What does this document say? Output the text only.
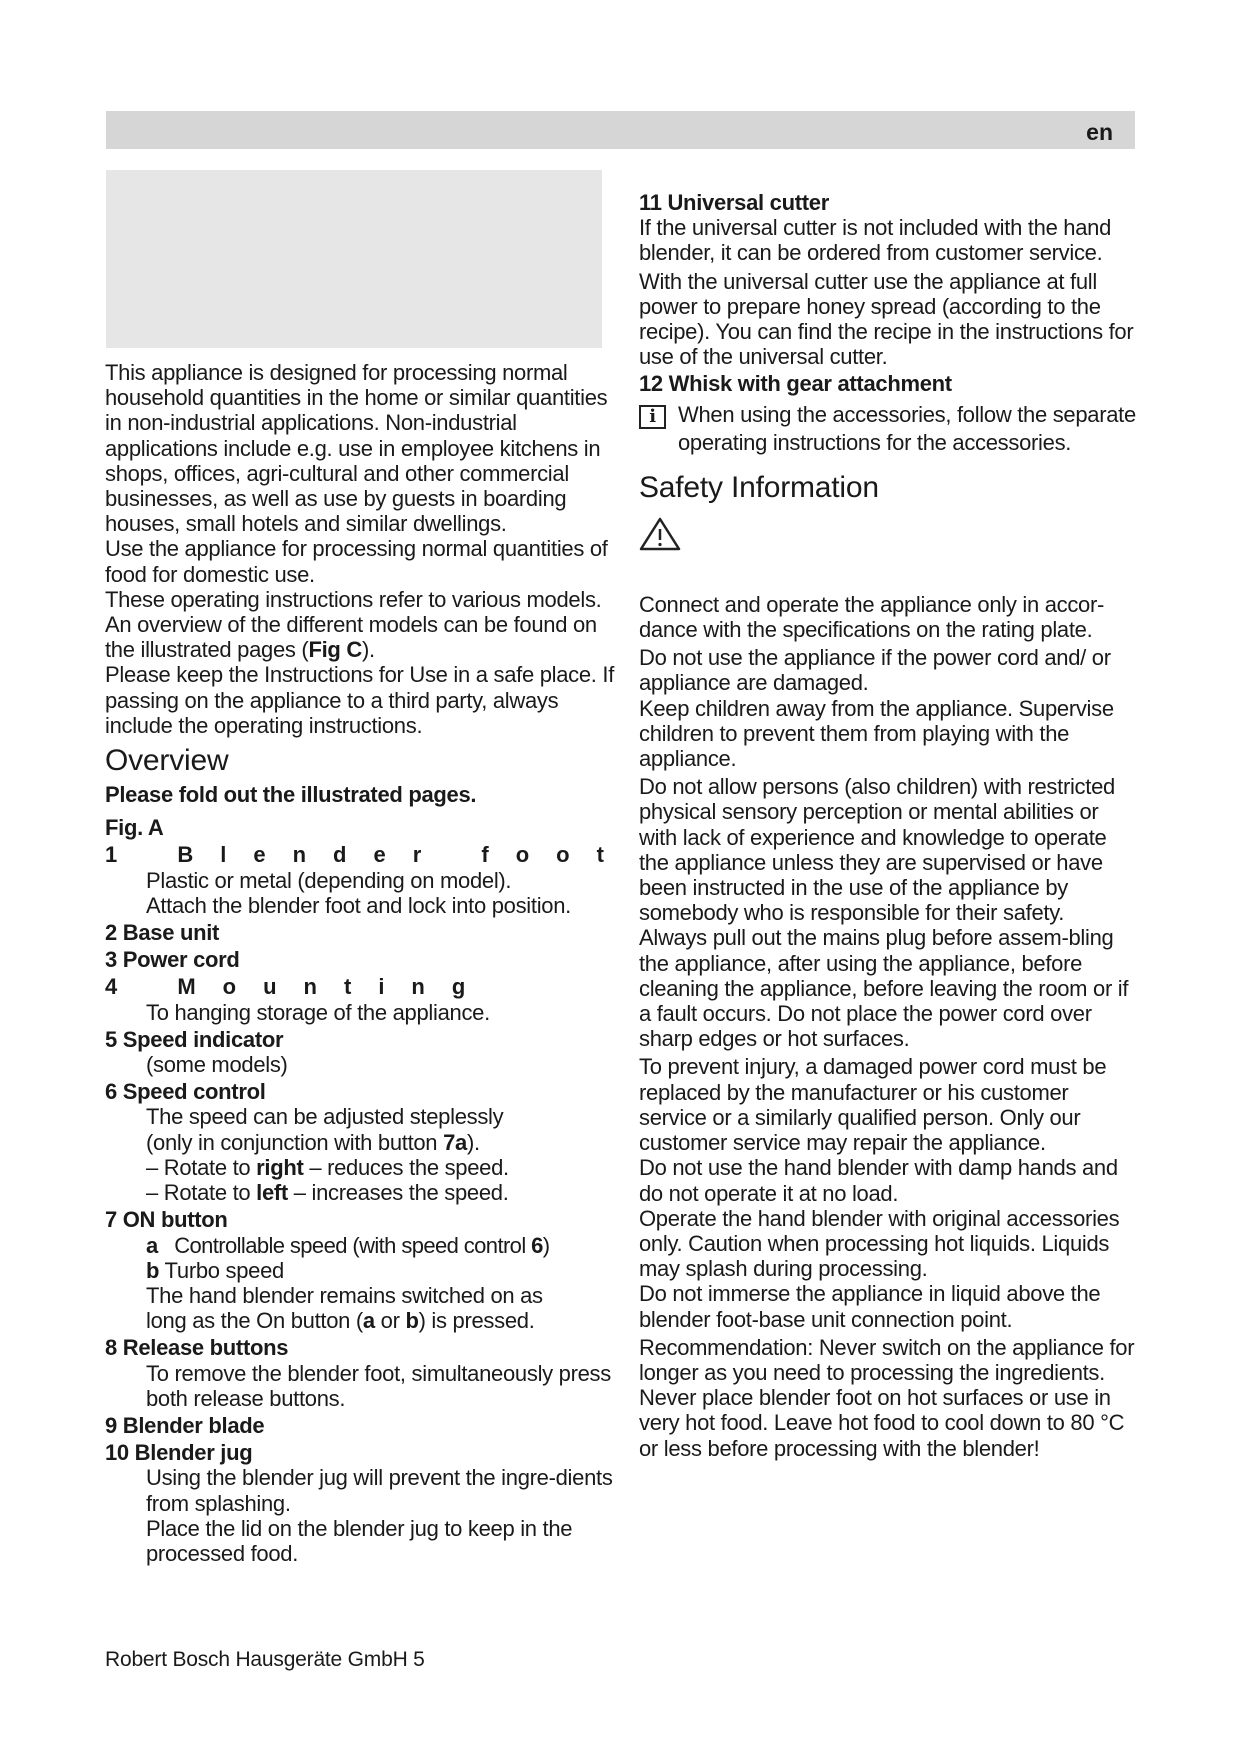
en
This appliance is designed for processing normal household quantities in the home or similar quantities in non-industrial applications. Non-industrial applications include e.g. use in employee kitchens in shops, offices, agri-cultural and other commercial businesses, as well as use by guests in boarding houses, small hotels and similar dwellings.
Use the appliance for processing normal quantities of food for domestic use.
These operating instructions refer to various models. An overview of the different models can be found on the illustrated pages (Fig C).
Please keep the Instructions for Use in a safe place. If passing on the appliance to a third party, always include the operating instructions.
Overview
Please fold out the illustrated pages.
Fig. A
1 Blender foot
Plastic or metal (depending on model).
Attach the blender foot and lock into position.
2 Base unit
3 Power cord
4 Mounting
To hanging storage of the appliance.
5 Speed indicator
(some models)
6 Speed control
The speed can be adjusted steplessly
(only in conjunction with button 7a).
– Rotate to right – reduces the speed.
– Rotate to left – increases the speed.
7 ON button
a Controllable speed (with speed control 6)
b Turbo speed
The hand blender remains switched on as
long as the On button (a or b) is pressed.
8 Release buttons
To remove the blender foot, simultaneously press both release buttons.
9 Blender blade
10 Blender jug
Using the blender jug will prevent the ingre-dients from splashing.
Place the lid on the blender jug to keep in the processed food.
11 Universal cutter
If the universal cutter is not included with the hand blender, it can be ordered from customer service.
With the universal cutter use the appliance at full power to prepare honey spread (according to the recipe). You can find the recipe in the instructions for use of the universal cutter.
12 Whisk with gear attachment
i	When using the accessories, follow the separate operating instructions for the accessories.
Safety Information
Connect and operate the appliance only in accor-dance with the specifications on the rating plate.
Do not use the appliance if the power cord and/ or appliance are damaged.
Keep children away from the appliance. Supervise children to prevent them from playing with the appliance.
Do not allow persons (also children) with restricted physical sensory perception or mental abilities or with lack of experience and knowledge to operate the appliance unless they are supervised or have been instructed in the use of the appliance by somebody who is responsible for their safety.
Always pull out the mains plug before assem-bling the appliance, after using the appliance, before cleaning the appliance, before leaving the room or if a fault occurs. Do not place the power cord over sharp edges or hot surfaces.
To prevent injury, a damaged power cord must be replaced by the manufacturer or his customer service or a similarly qualified person. Only our customer service may repair the appliance.
Do not use the hand blender with damp hands and do not operate it at no load.
Operate the hand blender with original accessories only. Caution when processing hot liquids. Liquids may splash during processing.
Do not immerse the appliance in liquid above the blender foot-base unit connection point.
Recommendation: Never switch on the appliance for longer as you need to processing the ingredients.
Never place blender foot on hot surfaces or use in very hot food. Leave hot food to cool down to 80 °C or less before processing with the blender!
Robert Bosch Hausgeräte GmbH 5
